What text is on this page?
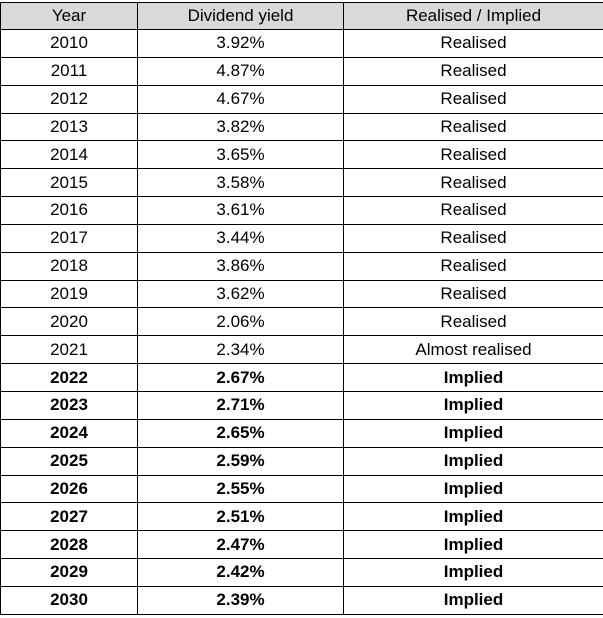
Year	Dividend yield	Realised / Implied
2010	3.92%	Realised
2011	4.87%	Realised
2012	4.67%	Realised
2013	3.82%	Realised
2014	3.65%	Realised
2015	3.58%	Realised
2016	3.61%	Realised
2017	3.44%	Realised
2018	3.86%	Realised
2019	3.62%	Realised
2020	2.06%	Realised
2021	2.34%	Almost realised
2022	2.67%	Implied
2023	2.71%	Implied
2024	2.65%	Implied
2025	2.59%	Implied
2026	2.55%	Implied
2027	2.51%	Implied
2028	2.47%	Implied
2029	2.42%	Implied
2030	2.39%	Implied
